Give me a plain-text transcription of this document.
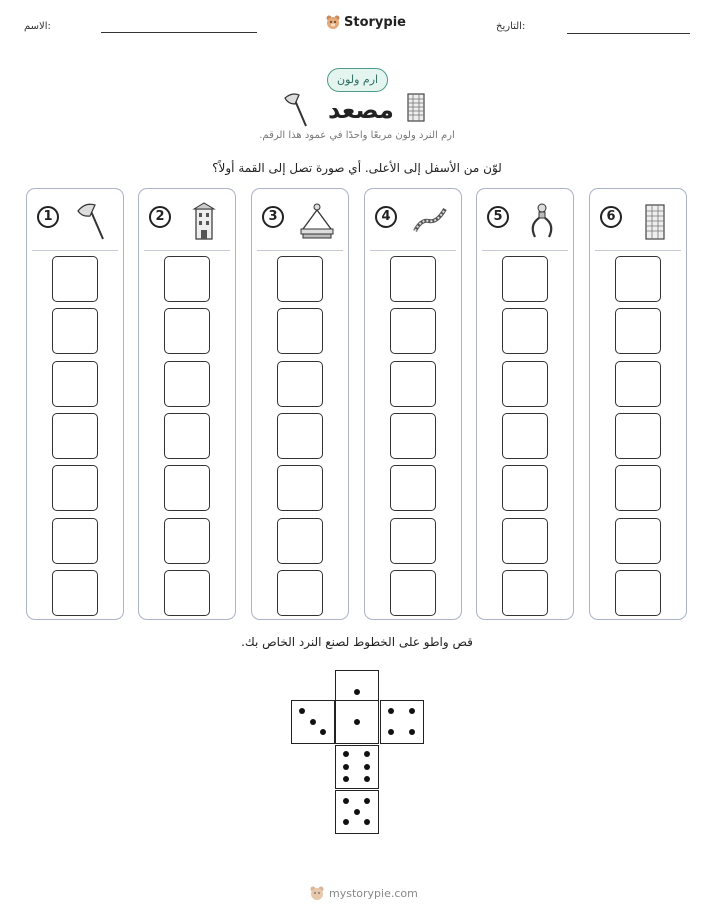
الاسم:	Storypie	التاريخ:
ارم ولون
مصعد
ارم النرد ولون مربعًا واحدًا في عمود هذا الرقم.
لوّن من الأسفل إلى الأعلى. أي صورة تصل إلى القمة أولاً؟
1	2	3	4	5	6
قص واطو على الخطوط لصنع النرد الخاص بك.
mystorypie.com
